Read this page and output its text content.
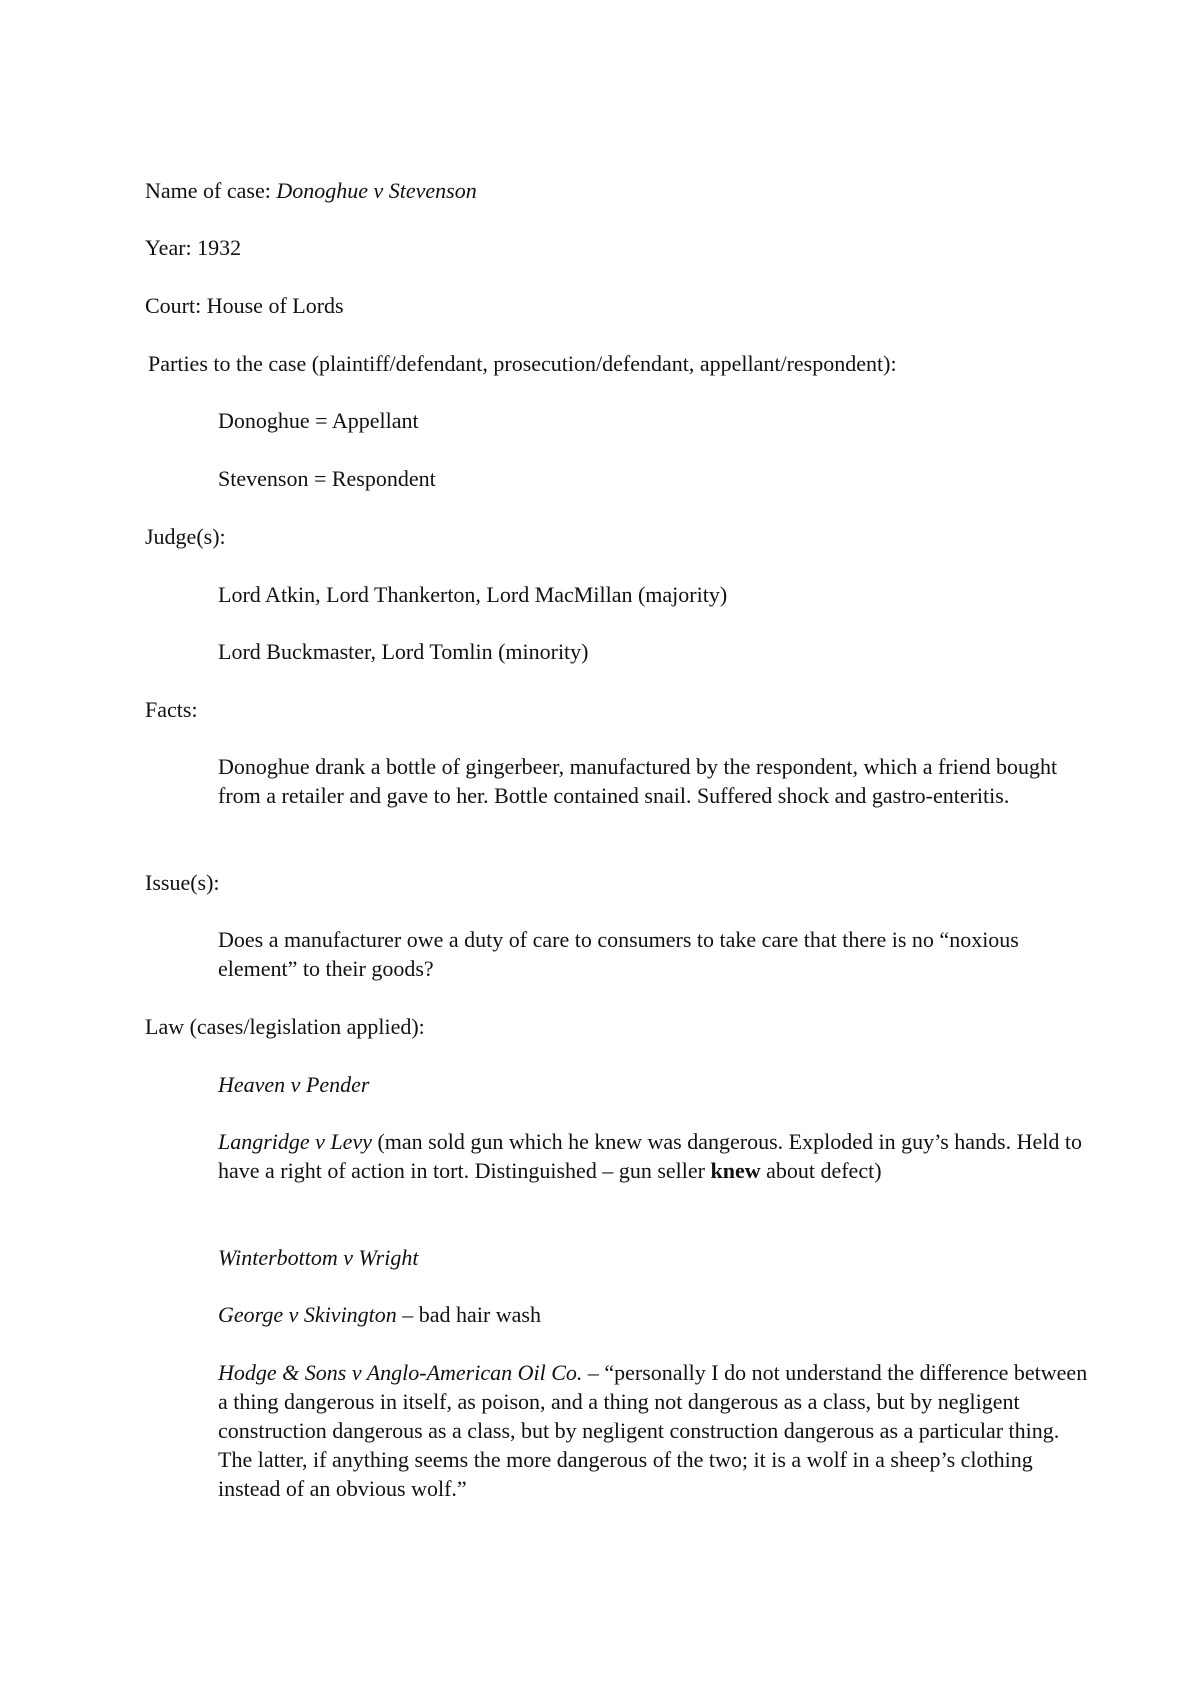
Name of case: Donoghue v Stevenson
Year: 1932
Court: House of Lords
Parties to the case (plaintiff/defendant, prosecution/defendant, appellant/respondent):
Donoghue = Appellant
Stevenson = Respondent
Judge(s):
Lord Atkin, Lord Thankerton, Lord MacMillan (majority)
Lord Buckmaster, Lord Tomlin (minority)
Facts:
Donoghue drank a bottle of gingerbeer, manufactured by the respondent, which a friend bought from a retailer and gave to her. Bottle contained snail. Suffered shock and gastro-enteritis.
Issue(s):
Does a manufacturer owe a duty of care to consumers to take care that there is no “noxious element” to their goods?
Law (cases/legislation applied):
Heaven v Pender
Langridge v Levy (man sold gun which he knew was dangerous. Exploded in guy’s hands. Held to have a right of action in tort. Distinguished – gun seller knew about defect)
Winterbottom v Wright
George v Skivington – bad hair wash
Hodge & Sons v Anglo-American Oil Co. – “personally I do not understand the difference between a thing dangerous in itself, as poison, and a thing not dangerous as a class, but by negligent construction dangerous as a class, but by negligent construction dangerous as a particular thing. The latter, if anything seems the more dangerous of the two; it is a wolf in a sheep’s clothing instead of an obvious wolf.”
